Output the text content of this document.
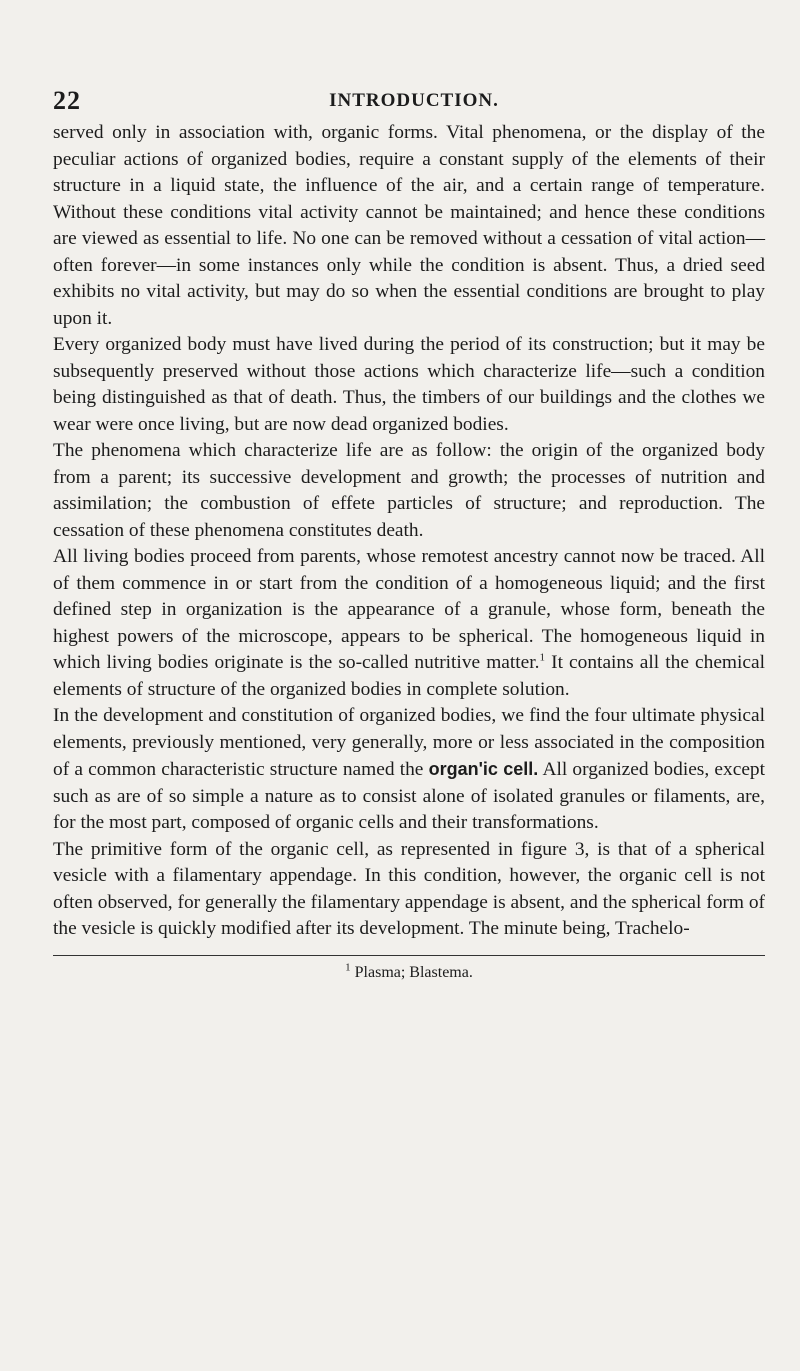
22	INTRODUCTION.

served only in association with, organic forms. Vital phenomena, or the display of the peculiar actions of organized bodies, require a constant supply of the elements of their structure in a liquid state, the influence of the air, and a certain range of temperature. Without these conditions vital activity cannot be maintained; and hence these conditions are viewed as essential to life. No one can be removed without a cessation of vital action—often forever—in some instances only while the condition is absent. Thus, a dried seed exhibits no vital activity, but may do so when the essential conditions are brought to play upon it.

Every organized body must have lived during the period of its construction; but it may be subsequently preserved without those actions which characterize life—such a condition being distinguished as that of death. Thus, the timbers of our buildings and the clothes we wear were once living, but are now dead organized bodies.

The phenomena which characterize life are as follow: the origin of the organized body from a parent; its successive development and growth; the processes of nutrition and assimilation; the combustion of effete particles of structure; and reproduction. The cessation of these phenomena constitutes death.

All living bodies proceed from parents, whose remotest ancestry cannot now be traced. All of them commence in or start from the condition of a homogeneous liquid; and the first defined step in organization is the appearance of a granule, whose form, beneath the highest powers of the microscope, appears to be spherical. The homogeneous liquid in which living bodies originate is the so-called nutritive matter.$^1$ It contains all the chemical elements of structure of the organized bodies in complete solution.

In the development and constitution of organized bodies, we find the four ultimate physical elements, previously mentioned, very generally, more or less associated in the composition of a common characteristic structure named the organ'ic cell. All organized bodies, except such as are of so simple a nature as to consist alone of isolated granules or filaments, are, for the most part, composed of organic cells and their transformations.

The primitive form of the organic cell, as represented in figure 3, is that of a spherical vesicle with a filamentary appendage. In this condition, however, the organic cell is not often observed, for generally the filamentary appendage is absent, and the spherical form of the vesicle is quickly modified after its development. The minute being, Trachelo-

$^1$ Plasma; Blastema.
